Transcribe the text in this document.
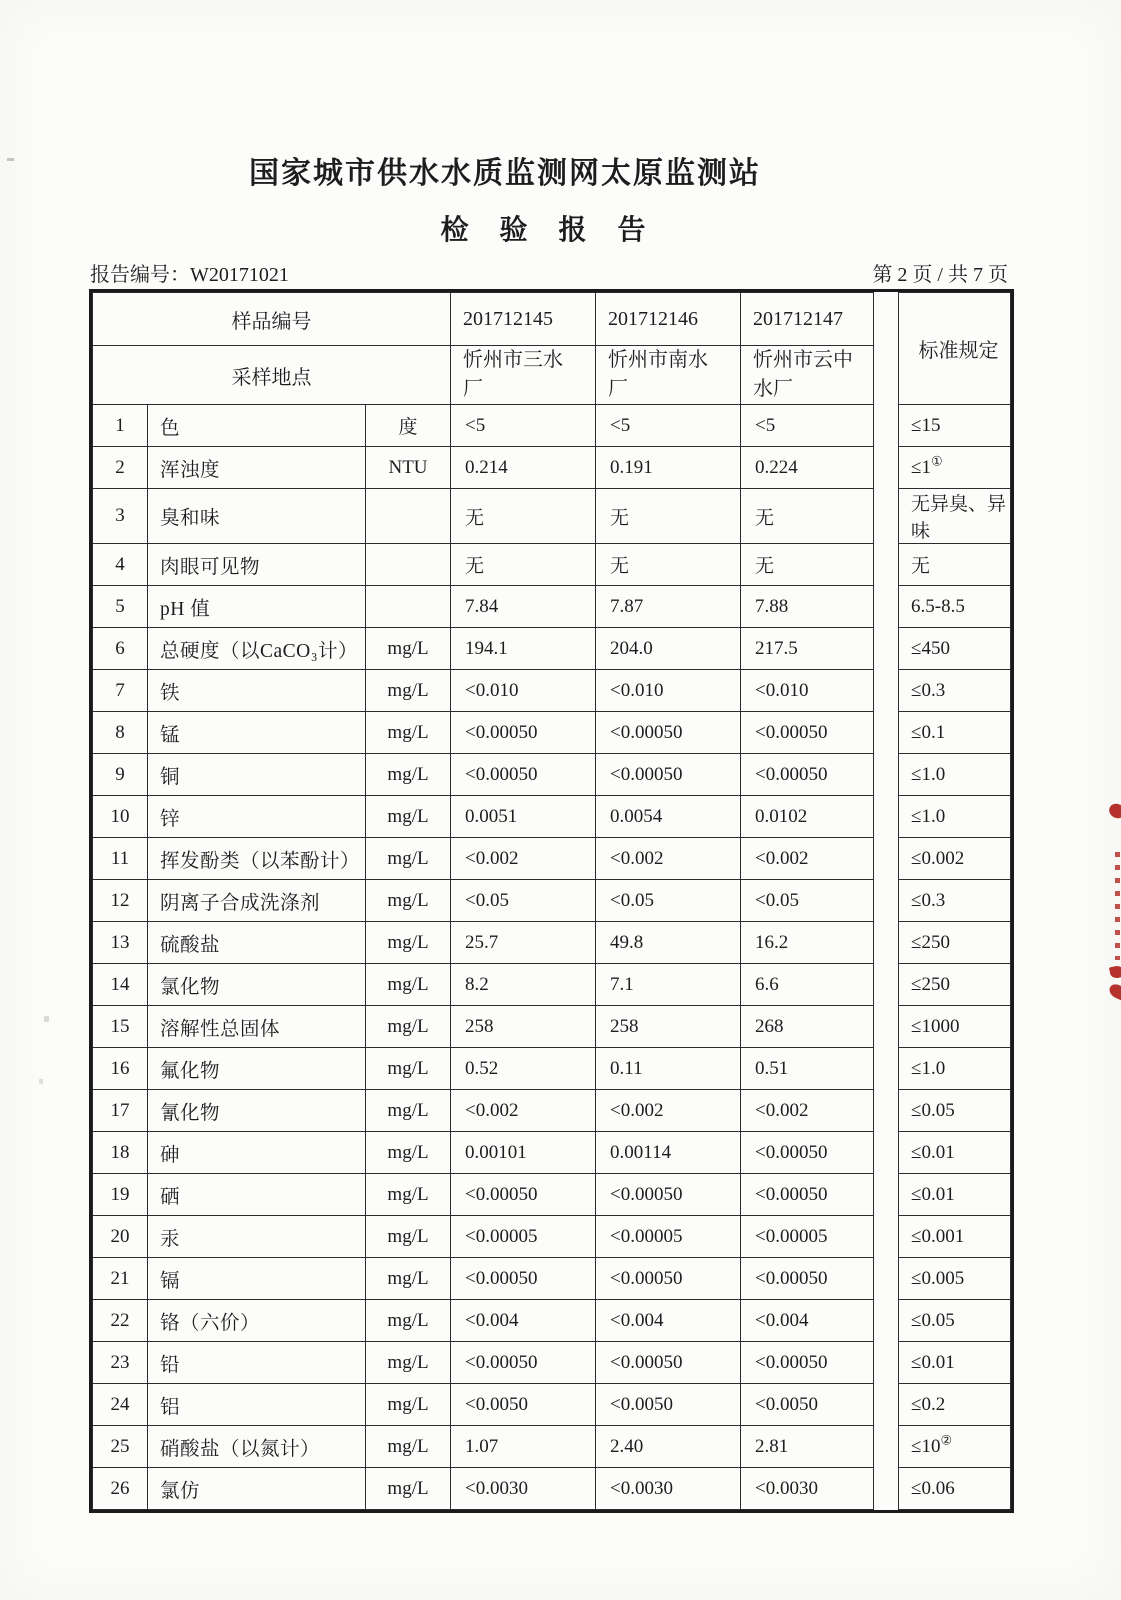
国家城市供水水质监测网太原监测站
检 验 报 告
报告编号：W20171021	第 2 页 / 共 7 页
样品编号			201712145	201712146	201712147		标准规定
采样地点			忻州市三水厂	忻州市南水厂	忻州市云中水厂		
1	色	度	<5	<5	<5		≤15
2	浑浊度	NTU	0.214	0.191	0.224		≤1①
3	臭和味		无	无	无		无异臭、异味
4	肉眼可见物		无	无	无		无
5	pH 值		7.84	7.87	7.88		6.5-8.5
6	总硬度（以CaCO₃计）	mg/L	194.1	204.0	217.5		≤450
7	铁	mg/L	<0.010	<0.010	<0.010		≤0.3
8	锰	mg/L	<0.00050	<0.00050	<0.00050		≤0.1
9	铜	mg/L	<0.00050	<0.00050	<0.00050		≤1.0
10	锌	mg/L	0.0051	0.0054	0.0102		≤1.0
11	挥发酚类（以苯酚计）	mg/L	<0.002	<0.002	<0.002		≤0.002
12	阴离子合成洗涤剂	mg/L	<0.05	<0.05	<0.05		≤0.3
13	硫酸盐	mg/L	25.7	49.8	16.2		≤250
14	氯化物	mg/L	8.2	7.1	6.6		≤250
15	溶解性总固体	mg/L	258	258	268		≤1000
16	氟化物	mg/L	0.52	0.11	0.51		≤1.0
17	氰化物	mg/L	<0.002	<0.002	<0.002		≤0.05
18	砷	mg/L	0.00101	0.00114	<0.00050		≤0.01
19	硒	mg/L	<0.00050	<0.00050	<0.00050		≤0.01
20	汞	mg/L	<0.00005	<0.00005	<0.00005		≤0.001
21	镉	mg/L	<0.00050	<0.00050	<0.00050		≤0.005
22	铬（六价）	mg/L	<0.004	<0.004	<0.004		≤0.05
23	铅	mg/L	<0.00050	<0.00050	<0.00050		≤0.01
24	铝	mg/L	<0.0050	<0.0050	<0.0050		≤0.2
25	硝酸盐（以氮计）	mg/L	1.07	2.40	2.81		≤10②
26	氯仿	mg/L	<0.0030	<0.0030	<0.0030		≤0.06
